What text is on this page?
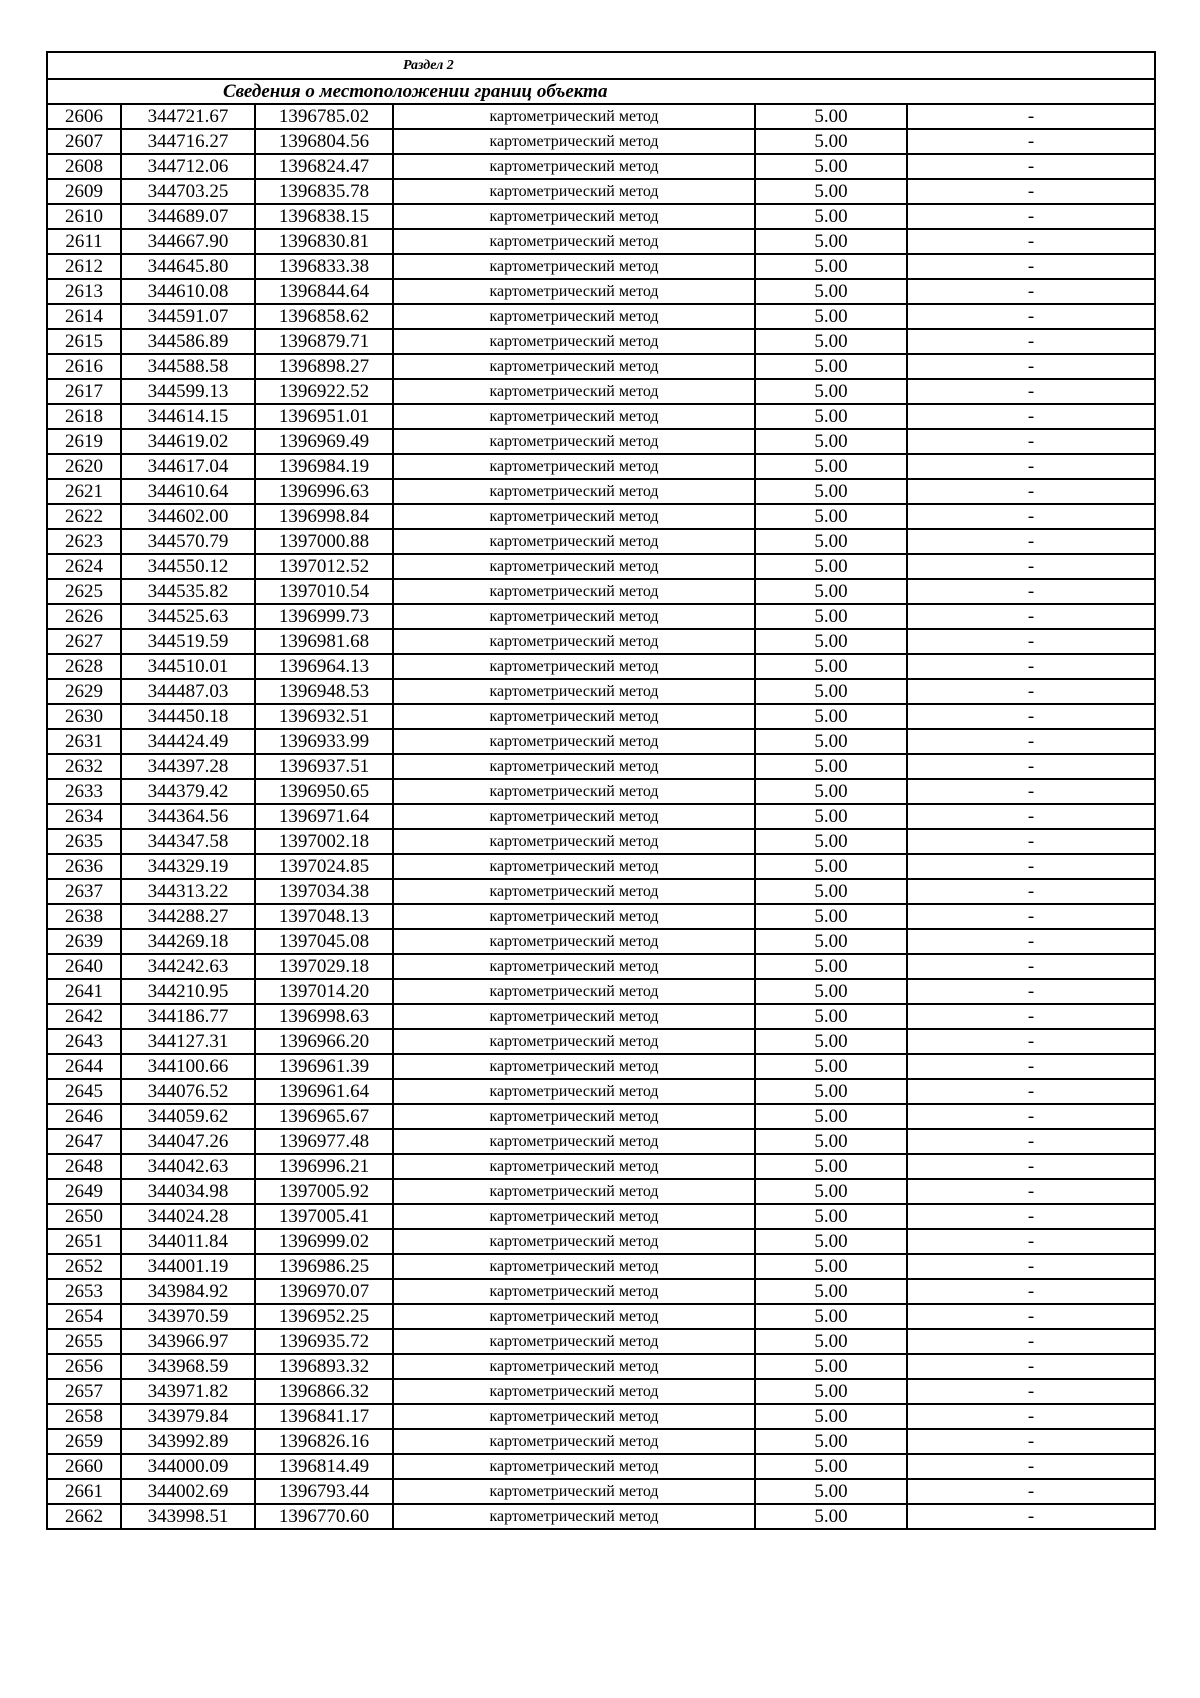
Раздел 2					
Сведения о местоположении границ объекта					
2606	344721.67	1396785.02	картометрический метод	5.00	-
2607	344716.27	1396804.56	картометрический метод	5.00	-
2608	344712.06	1396824.47	картометрический метод	5.00	-
2609	344703.25	1396835.78	картометрический метод	5.00	-
2610	344689.07	1396838.15	картометрический метод	5.00	-
2611	344667.90	1396830.81	картометрический метод	5.00	-
2612	344645.80	1396833.38	картометрический метод	5.00	-
2613	344610.08	1396844.64	картометрический метод	5.00	-
2614	344591.07	1396858.62	картометрический метод	5.00	-
2615	344586.89	1396879.71	картометрический метод	5.00	-
2616	344588.58	1396898.27	картометрический метод	5.00	-
2617	344599.13	1396922.52	картометрический метод	5.00	-
2618	344614.15	1396951.01	картометрический метод	5.00	-
2619	344619.02	1396969.49	картометрический метод	5.00	-
2620	344617.04	1396984.19	картометрический метод	5.00	-
2621	344610.64	1396996.63	картометрический метод	5.00	-
2622	344602.00	1396998.84	картометрический метод	5.00	-
2623	344570.79	1397000.88	картометрический метод	5.00	-
2624	344550.12	1397012.52	картометрический метод	5.00	-
2625	344535.82	1397010.54	картометрический метод	5.00	-
2626	344525.63	1396999.73	картометрический метод	5.00	-
2627	344519.59	1396981.68	картометрический метод	5.00	-
2628	344510.01	1396964.13	картометрический метод	5.00	-
2629	344487.03	1396948.53	картометрический метод	5.00	-
2630	344450.18	1396932.51	картометрический метод	5.00	-
2631	344424.49	1396933.99	картометрический метод	5.00	-
2632	344397.28	1396937.51	картометрический метод	5.00	-
2633	344379.42	1396950.65	картометрический метод	5.00	-
2634	344364.56	1396971.64	картометрический метод	5.00	-
2635	344347.58	1397002.18	картометрический метод	5.00	-
2636	344329.19	1397024.85	картометрический метод	5.00	-
2637	344313.22	1397034.38	картометрический метод	5.00	-
2638	344288.27	1397048.13	картометрический метод	5.00	-
2639	344269.18	1397045.08	картометрический метод	5.00	-
2640	344242.63	1397029.18	картометрический метод	5.00	-
2641	344210.95	1397014.20	картометрический метод	5.00	-
2642	344186.77	1396998.63	картометрический метод	5.00	-
2643	344127.31	1396966.20	картометрический метод	5.00	-
2644	344100.66	1396961.39	картометрический метод	5.00	-
2645	344076.52	1396961.64	картометрический метод	5.00	-
2646	344059.62	1396965.67	картометрический метод	5.00	-
2647	344047.26	1396977.48	картометрический метод	5.00	-
2648	344042.63	1396996.21	картометрический метод	5.00	-
2649	344034.98	1397005.92	картометрический метод	5.00	-
2650	344024.28	1397005.41	картометрический метод	5.00	-
2651	344011.84	1396999.02	картометрический метод	5.00	-
2652	344001.19	1396986.25	картометрический метод	5.00	-
2653	343984.92	1396970.07	картометрический метод	5.00	-
2654	343970.59	1396952.25	картометрический метод	5.00	-
2655	343966.97	1396935.72	картометрический метод	5.00	-
2656	343968.59	1396893.32	картометрический метод	5.00	-
2657	343971.82	1396866.32	картометрический метод	5.00	-
2658	343979.84	1396841.17	картометрический метод	5.00	-
2659	343992.89	1396826.16	картометрический метод	5.00	-
2660	344000.09	1396814.49	картометрический метод	5.00	-
2661	344002.69	1396793.44	картометрический метод	5.00	-
2662	343998.51	1396770.60	картометрический метод	5.00	-
